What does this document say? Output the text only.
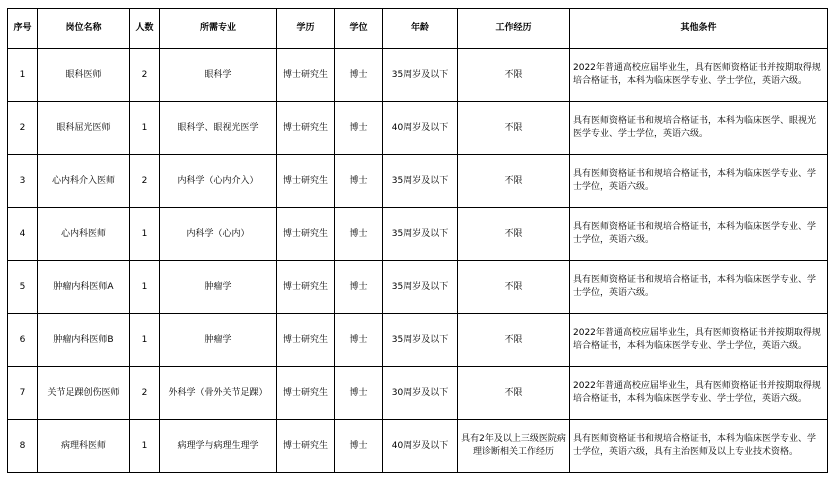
序号	岗位名称	人数	所需专业	学历	学位	年龄	工作经历	其他条件
1	眼科医师	2	眼科学	博士研究生	博士	35周岁及以下	不限	2022年普通高校应届毕业生，具有医师资格证书并按期取得规培合格证书，本科为临床医学专业、学士学位，英语六级。
2	眼科屈光医师	1	眼科学、眼视光医学	博士研究生	博士	40周岁及以下	不限	具有医师资格证书和规培合格证书，本科为临床医学、眼视光医学专业、学士学位，英语六级。
3	心内科介入医师	2	内科学（心内介入）	博士研究生	博士	35周岁及以下	不限	具有医师资格证书和规培合格证书，本科为临床医学专业、学士学位，英语六级。
4	心内科医师	1	内科学（心内）	博士研究生	博士	35周岁及以下	不限	具有医师资格证书和规培合格证书，本科为临床医学专业、学士学位，英语六级。
5	肿瘤内科医师A	1	肿瘤学	博士研究生	博士	35周岁及以下	不限	具有医师资格证书和规培合格证书，本科为临床医学专业、学士学位，英语六级。
6	肿瘤内科医师B	1	肿瘤学	博士研究生	博士	35周岁及以下	不限	2022年普通高校应届毕业生，具有医师资格证书并按期取得规培合格证书，本科为临床医学专业、学士学位，英语六级。
7	关节足踝创伤医师	2	外科学（骨外关节足踝）	博士研究生	博士	30周岁及以下	不限	2022年普通高校应届毕业生，具有医师资格证书并按期取得规培合格证书，本科为临床医学专业、学士学位，英语六级。
8	病理科医师	1	病理学与病理生理学	博士研究生	博士	40周岁及以下	具有2年及以上三级医院病理诊断相关工作经历	具有医师资格证书和规培合格证书，本科为临床医学专业、学士学位，英语六级，具有主治医师及以上专业技术资格。
